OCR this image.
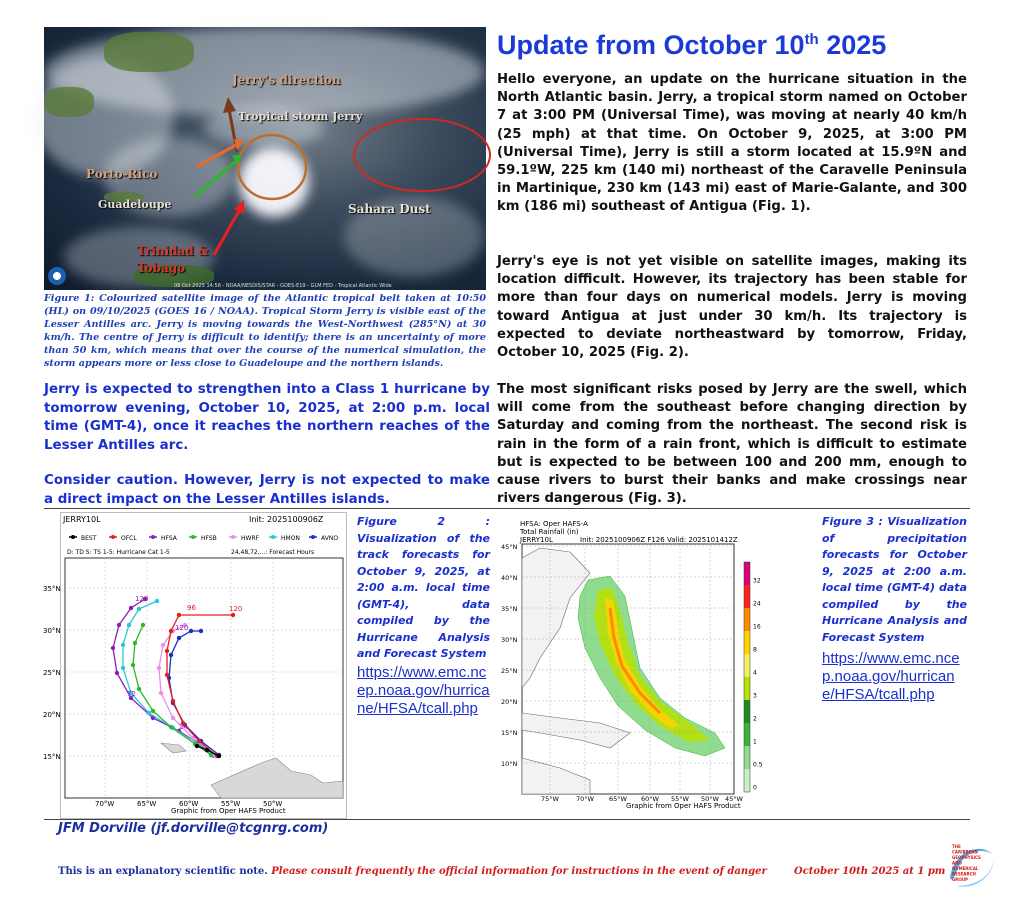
Jerry's direction
Tropical storm Jerry
Porto-Rico
Guadeloupe	Sahara Dust
Trinidad &
Tobago
08 Oct 2025 14:56 - NOAA/NESDIS/STAR - GOES-E19 - GLM FED - Tropical Atlantic Wide
Figure 1: Colourized satellite image of the Atlantic tropical belt taken at 10:50 (HL) on 09/10/2025 (GOES 16 / NOAA). Tropical Storm Jerry is visible east of the Lesser Antilles arc. Jerry is moving towards the West-Northwest (285°N) at 30 km/h. The centre of Jerry is difficult to identify; there is an uncertainty of more than 50 km, which means that over the course of the numerical simulation, the storm appears more or less close to Guadeloupe and the northern islands.
Jerry is expected to strengthen into a Class 1 hurricane by tomorrow evening, October 10, 2025, at 2:00 p.m. local time (GMT-4), once it reaches the northern reaches of the Lesser Antilles arc.
Consider caution. However, Jerry is not expected to make a direct impact on the Lesser Antilles islands.
Update from October 10th 2025
Hello everyone, an update on the hurricane situation in the North Atlantic basin. Jerry, a tropical storm named on October 7 at 3:00 PM (Universal Time), was moving at nearly 40 km/h (25 mph) at that time. On October 9, 2025, at 3:00 PM (Universal Time), Jerry is still a storm located at 15.9ºN and 59.1ºW, 225 km (140 mi) northeast of the Caravelle Peninsula in Martinique, 230 km (143 mi) east of Marie-Galante, and 300 km (186 mi) southeast of Antigua (Fig. 1).
Jerry's eye is not yet visible on satellite images, making its location difficult. However, its trajectory has been stable for more than four days on numerical models. Jerry is moving toward Antigua at just under 30 km/h. Its trajectory is expected to deviate northeastward by tomorrow, Friday, October 10, 2025 (Fig. 2).
The most significant risks posed by Jerry are the swell, which will come from the southeast before changing direction by Saturday and coming from the northeast. The second risk is rain in the form of a rain front, which is difficult to estimate but is expected to be between 100 and 200 mm, enough to cause rivers to burst their banks and make crossings near rivers dangerous (Fig. 3).
JERRY10L	Init: 2025100906Z
BEST	OFCL	HFSA	HFSB	HWRF	HMON	AVNO
D: TD S: TS 1-5: Hurricane Cat 1-5	24,48,72,...: Forecast Hours
96	120
120
120
72
24
35°N
30°N
25°N
20°N
15°N
70°W	65°W	60°W	55°W	50°W
Graphic from Oper HAFS Product
Figure 2 : Visualization of the track forecasts for October 9, 2025, at 2:00 a.m. local time (GMT-4), data compiled by the Hurricane Analysis and Forecast System
https://www.emc.ncep.noaa.gov/hurricane/HFSA/tcall.php
HFSA: Oper HAFS-A
Total Rainfall (in)
JERRY10L	Init: 2025100906Z F126 Valid: 2025101412Z
45°N
40°N
35°N
30°N
25°N
20°N
15°N
10°N
75°W	70°W 65°W 60°W 55°W 50°W 45°W
32
24
16
8
4
3
2
1
0.5
0
Graphic from Oper HAFS Product
Figure 3 : Visualization of precipitation forecasts for October 9, 2025 at 2:00 a.m. local time (GMT-4) data compiled by the Hurricane Analysis and Forecast System
https://www.emc.ncep.noaa.gov/hurricane/HFSA/tcall.php
JFM Dorville (jf.dorville@tcgnrg.com)
This is an explanatory scientific note. Please consult frequently the official information for instructions in the event of danger	October 10th 2025 at 1 pm
THE
CARIBBEAN
GEOPHYSICS
AND
NUMERICAL
RESEARCH
GROUP
